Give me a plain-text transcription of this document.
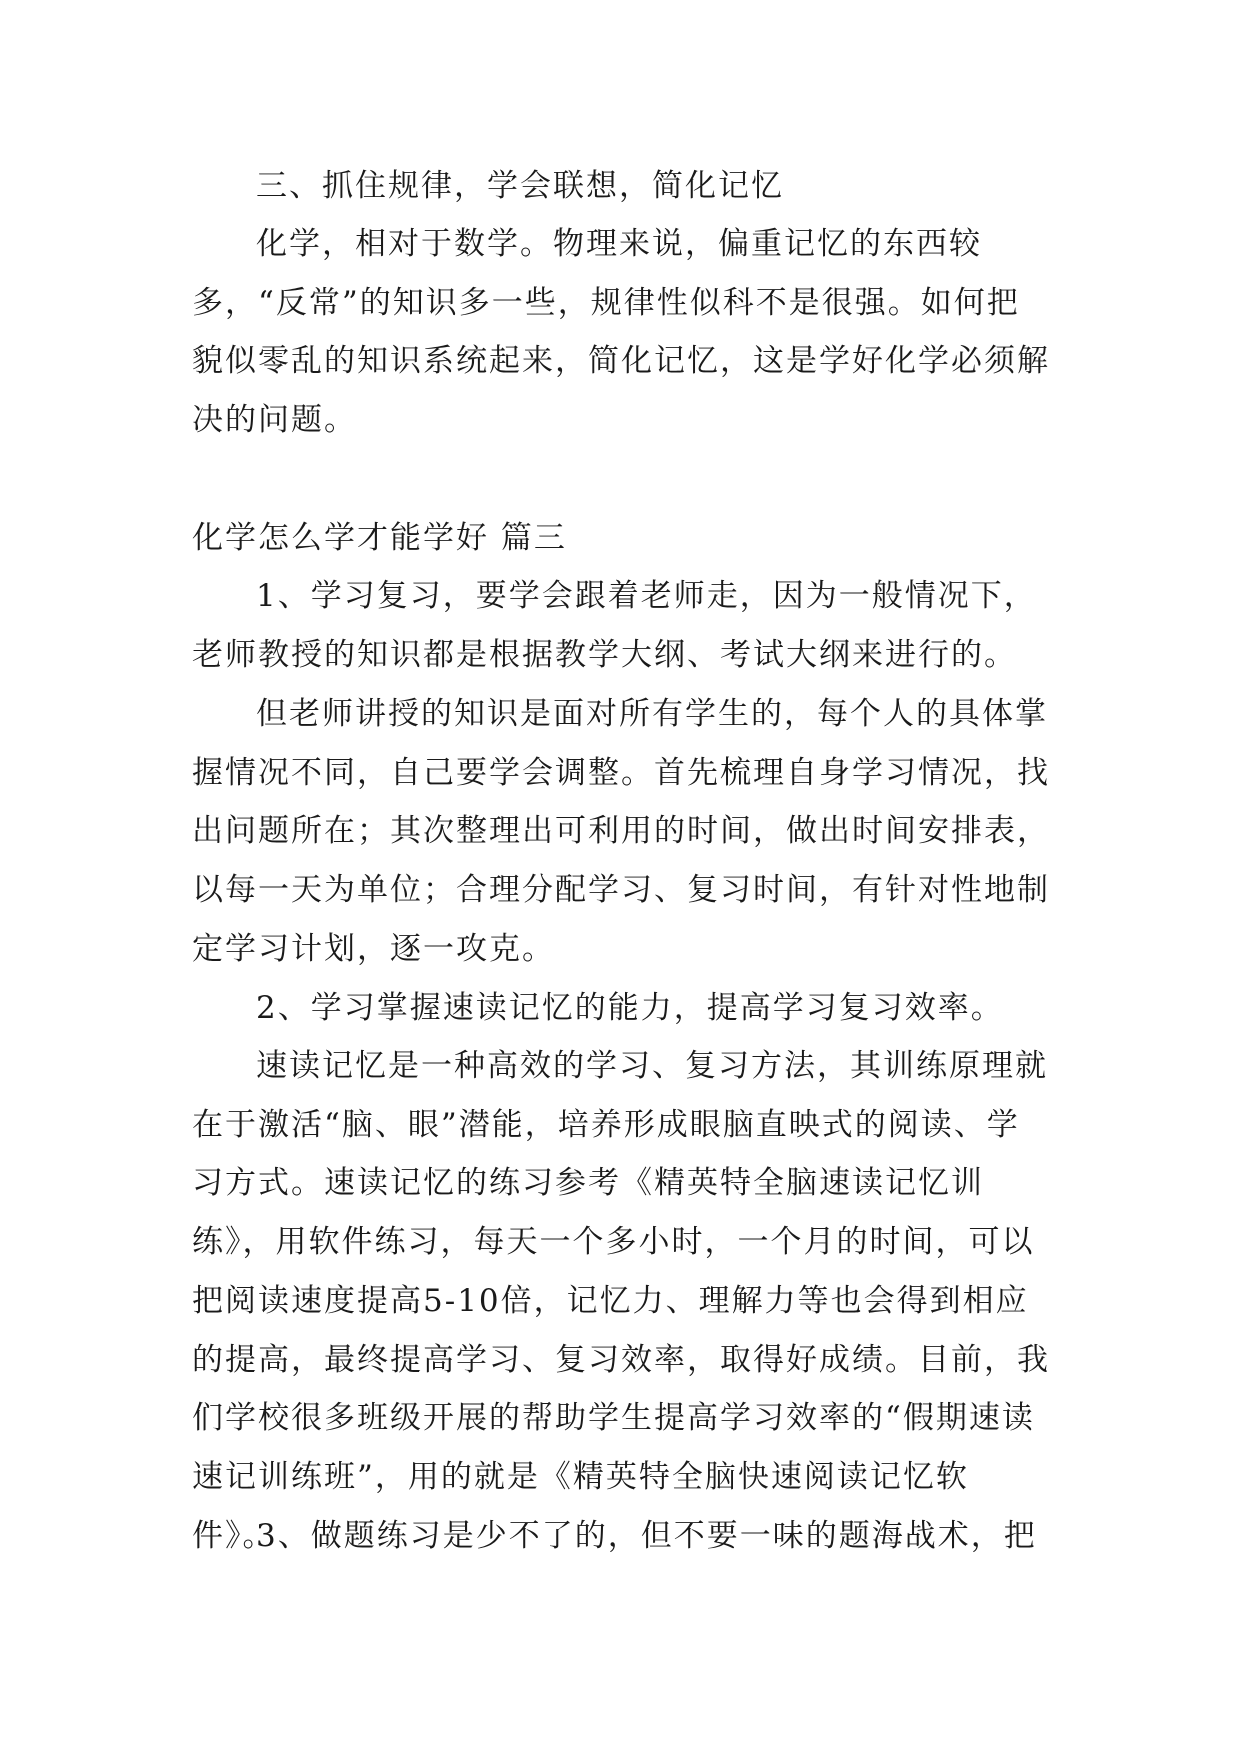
三、抓住规律，学会联想，简化记忆

化学，相对于数学。物理来说，偏重记忆的东西较多，“反常”的知识多一些，规律性似科不是很强。如何把貌似零乱的知识系统起来，简化记忆，这是学好化学必须解决的问题。

化学怎么学才能学好 篇三

1、学习复习，要学会跟着老师走，因为一般情况下，老师教授的知识都是根据教学大纲、考试大纲来进行的。

但老师讲授的知识是面对所有学生的，每个人的具体掌握情况不同，自己要学会调整。首先梳理自身学习情况，找出问题所在；其次整理出可利用的时间，做出时间安排表，以每一天为单位；合理分配学习、复习时间，有针对性地制定学习计划，逐一攻克。

2、学习掌握速读记忆的能力，提高学习复习效率。

速读记忆是一种高效的学习、复习方法，其训练原理就在于激活“脑、眼”潜能，培养形成眼脑直映式的阅读、学习方式。速读记忆的练习参考《精英特全脑速读记忆训练》，用软件练习，每天一个多小时，一个月的时间，可以把阅读速度提高5-10倍，记忆力、理解力等也会得到相应的提高，最终提高学习、复习效率，取得好成绩。目前，我们学校很多班级开展的帮助学生提高学习效率的“假期速读速记训练班”，用的就是《精英特全脑快速阅读记忆软件》。

3、做题练习是少不了的，但不要一味的题海战术，把
